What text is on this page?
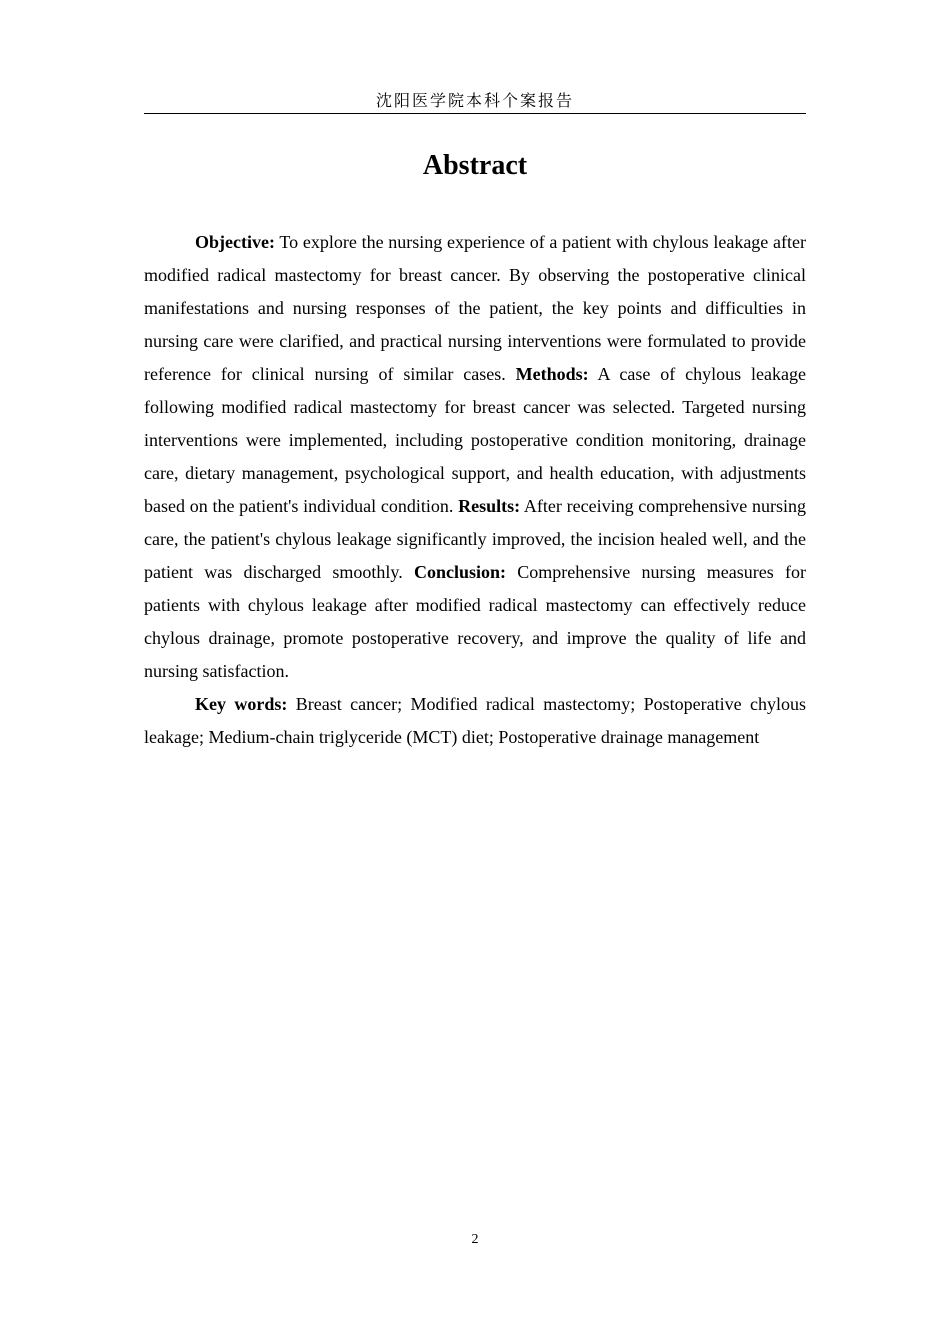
沈阳医学院本科个案报告
Abstract

Objective: To explore the nursing experience of a patient with chylous leakage after modified radical mastectomy for breast cancer. By observing the postoperative clinical manifestations and nursing responses of the patient, the key points and difficulties in nursing care were clarified, and practical nursing interventions were formulated to provide reference for clinical nursing of similar cases. Methods: A case of chylous leakage following modified radical mastectomy for breast cancer was selected. Targeted nursing interventions were implemented, including postoperative condition monitoring, drainage care, dietary management, psychological support, and health education, with adjustments based on the patient's individual condition. Results: After receiving comprehensive nursing care, the patient's chylous leakage significantly improved, the incision healed well, and the patient was discharged smoothly. Conclusion: Comprehensive nursing measures for patients with chylous leakage after modified radical mastectomy can effectively reduce chylous drainage, promote postoperative recovery, and improve the quality of life and nursing satisfaction.

Key words: Breast cancer; Modified radical mastectomy; Postoperative chylous leakage; Medium-chain triglyceride (MCT) diet; Postoperative drainage management

2
